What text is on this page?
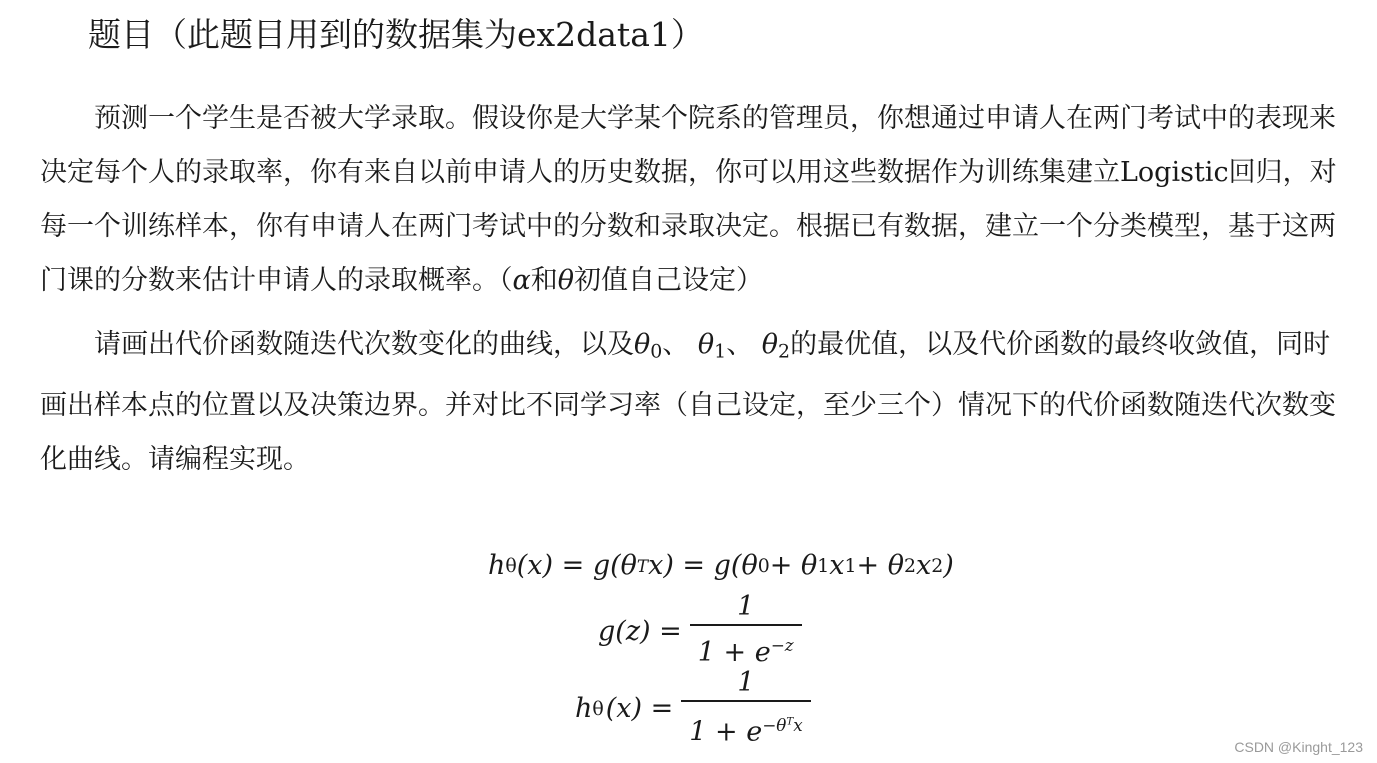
题目（此题目用到的数据集为ex2data1）

预测一个学生是否被大学录取。假设你是大学某个院系的管理员，你想通过申请人在两门考试中的表现来决定每个人的录取率，你有来自以前申请人的历史数据，你可以用这些数据作为训练集建立Logistic回归，对每一个训练样本，你有申请人在两门考试中的分数和录取决定。根据已有数据，建立一个分类模型，基于这两门课的分数来估计申请人的录取概率。（α和θ初值自己设定）

请画出代价函数随迭代次数变化的曲线，以及$\theta_0$、 $\theta_1$、 $\theta_2$的最优值，以及代价函数的最终收敛值，同时画出样本点的位置以及决策边界。并对比不同学习率（自己设定，至少三个）情况下的代价函数随迭代次数变化曲线。请编程实现。

h θ (x) = g(θ T x) = g(θ 0 + θ 1 x 1 + θ 2 x 2 )
$g(z) = \frac{1}{1 + e^{-z}}$
h θ $(x) = \frac{1}{1 + e^{-\theta^Tx}}$	CSDN @Kinght_123
